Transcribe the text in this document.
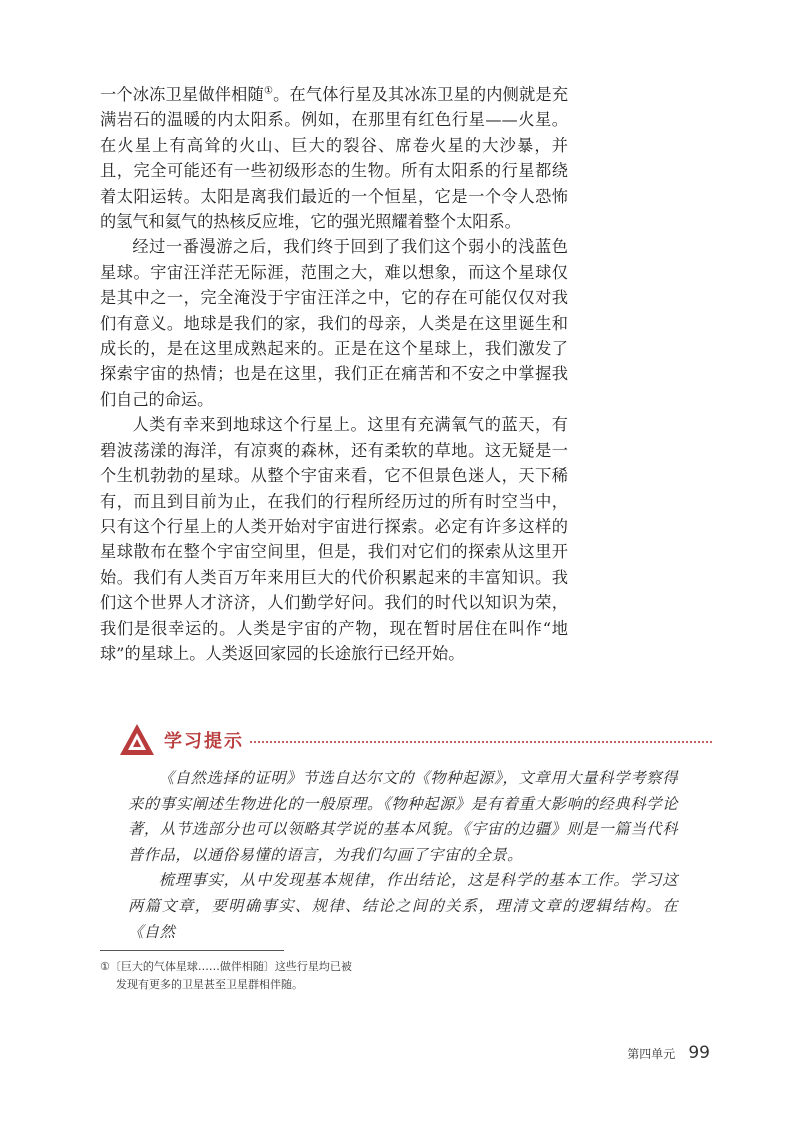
一个冰冻卫星做伴相随①。在气体行星及其冰冻卫星的内侧就是充满岩石的温暖的内太阳系。例如，在那里有红色行星——火星。在火星上有高耸的火山、巨大的裂谷、席卷火星的大沙暴，并且，完全可能还有一些初级形态的生物。所有太阳系的行星都绕着太阳运转。太阳是离我们最近的一个恒星，它是一个令人恐怖的氢气和氦气的热核反应堆，它的强光照耀着整个太阳系。

经过一番漫游之后，我们终于回到了我们这个弱小的浅蓝色星球。宇宙汪洋茫无际涯，范围之大，难以想象，而这个星球仅是其中之一，完全淹没于宇宙汪洋之中，它的存在可能仅仅对我们有意义。地球是我们的家，我们的母亲，人类是在这里诞生和成长的，是在这里成熟起来的。正是在这个星球上，我们激发了探索宇宙的热情；也是在这里，我们正在痛苦和不安之中掌握我们自己的命运。

人类有幸来到地球这个行星上。这里有充满氧气的蓝天，有碧波荡漾的海洋，有凉爽的森林，还有柔软的草地。这无疑是一个生机勃勃的星球。从整个宇宙来看，它不但景色迷人，天下稀有，而且到目前为止，在我们的行程所经历过的所有时空当中，只有这个行星上的人类开始对宇宙进行探索。必定有许多这样的星球散布在整个宇宙空间里，但是，我们对它们的探索从这里开始。我们有人类百万年来用巨大的代价积累起来的丰富知识。我们这个世界人才济济，人们勤学好问。我们的时代以知识为荣，我们是很幸运的。人类是宇宙的产物，现在暂时居住在叫作“地球”的星球上。人类返回家园的长途旅行已经开始。

学习提示

《自然选择的证明》节选自达尔文的《物种起源》，文章用大量科学考察得来的事实阐述生物进化的一般原理。《物种起源》是有着重大影响的经典科学论著，从节选部分也可以领略其学说的基本风貌。《宇宙的边疆》则是一篇当代科普作品，以通俗易懂的语言，为我们勾画了宇宙的全景。

梳理事实，从中发现基本规律，作出结论，这是科学的基本工作。学习这两篇文章，要明确事实、规律、结论之间的关系，理清文章的逻辑结构。在《自然

①〔巨大的气体星球……做伴相随〕这些行星均已被
发现有更多的卫星甚至卫星群相伴随。
第四单元 99
